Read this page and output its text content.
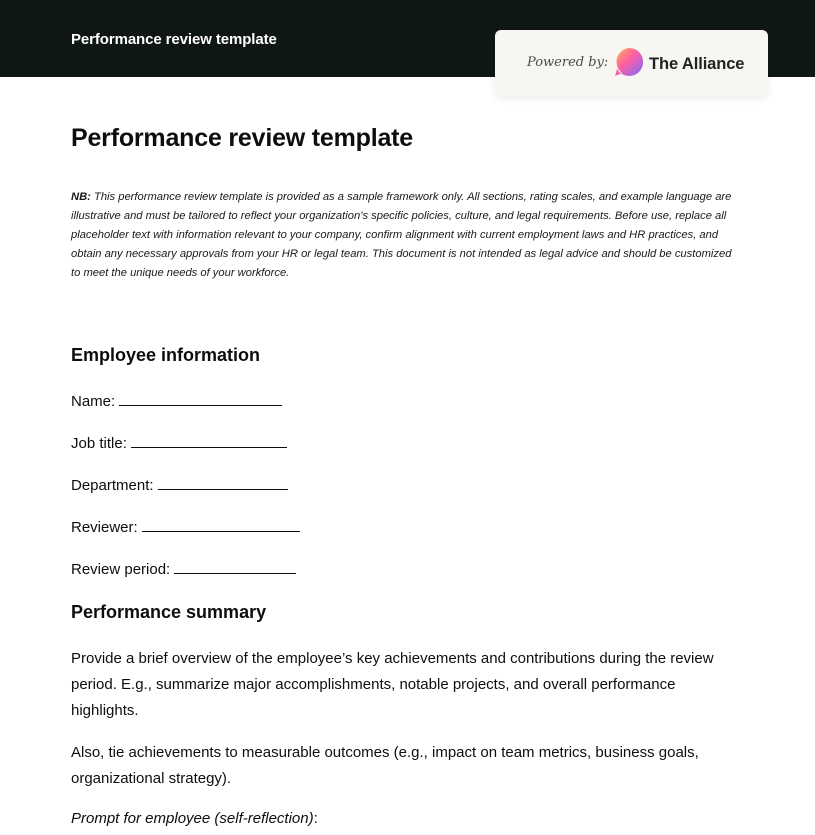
Performance review template
Powered by: The Alliance
Performance review template

NB: This performance review template is provided as a sample framework only. All sections, rating scales, and example language are illustrative and must be tailored to reflect your organization’s specific policies, culture, and legal requirements. Before use, replace all placeholder text with information relevant to your company, confirm alignment with current employment laws and HR practices, and obtain any necessary approvals from your HR or legal team. This document is not intended as legal advice and should be customized to meet the unique needs of your workforce.

Employee information
Name:
Job title:
Department:
Reviewer:
Review period:
Performance summary

Provide a brief overview of the employee’s key achievements and contributions during the review period. E.g., summarize major accomplishments, notable projects, and overall performance highlights.

Also, tie achievements to measurable outcomes (e.g., impact on team metrics, business goals, organizational strategy).

Prompt for employee (self-reflection):
